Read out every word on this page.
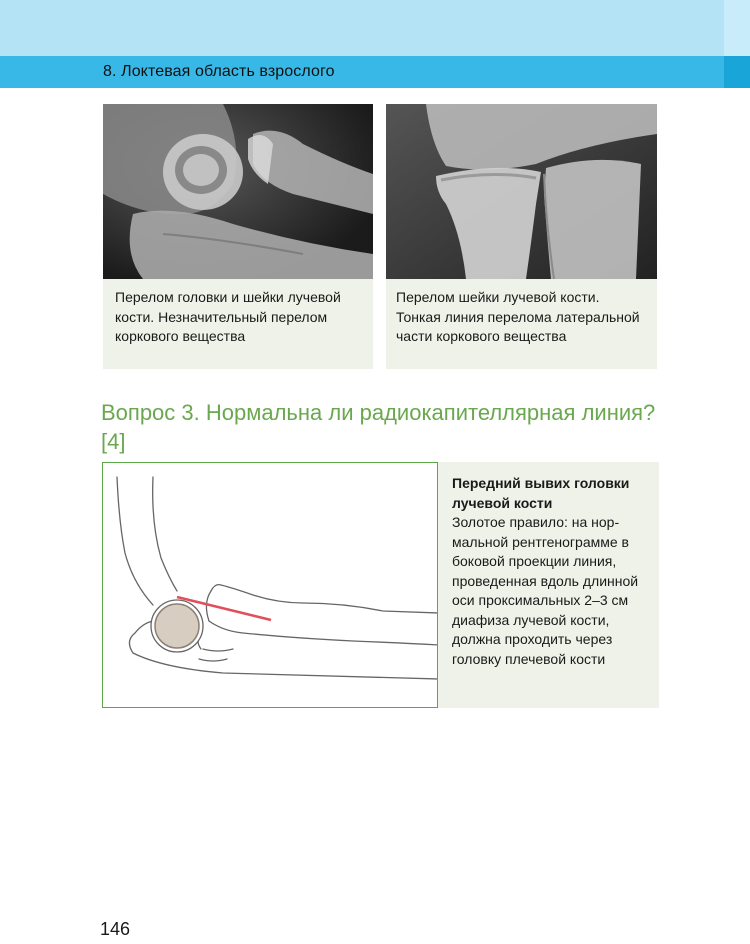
8. Локтевая область взрослого
Перелом головки и шейки лучевой кости. Незначительный перелом коркового вещества
Перелом шейки лучевой кости. Тонкая линия перелома латеральной части коркового вещества
Вопрос 3. Нормальна ли радиокапителлярная линия? [4]
Передний вывих головки лучевой кости
Золотое правило: на нормальной рентгенограмме в боковой проекции линия, проведенная вдоль длинной оси проксимальных 2–3 см диафиза лучевой кости, должна проходить через головку плечевой кости
146
